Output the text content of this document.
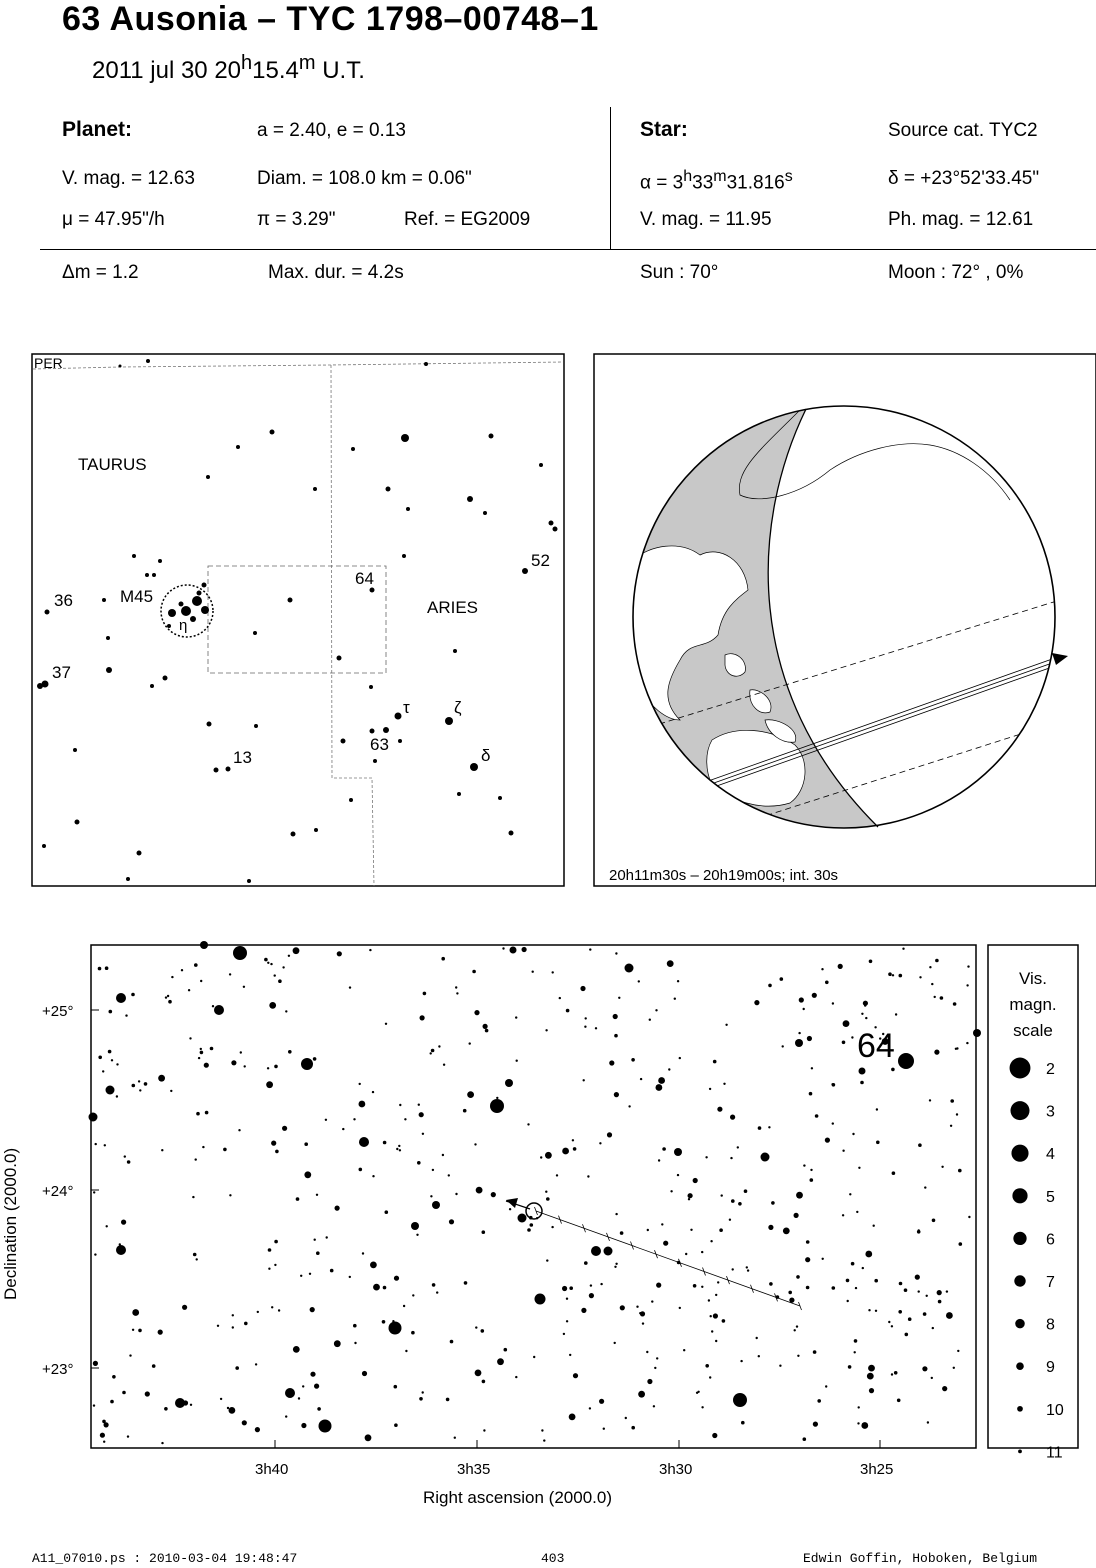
63 Ausonia – TYC 1798–00748–1
2011 jul 30 20$^h$15.4$^m$ U.T.
Planet:	a = 2.40, e = 0.13
V. mag. = 12.63	Diam. = 108.0 km = 0.06"
μ = 47.95"/h	π = 3.29"	Ref. = EG2009
Star:	Source cat. TYC2
$\alpha = 3^h33^m31.816^s$	δ = +23°52'33.45"
V. mag. = 11.95	Ph. mag. = 12.61
Δm = 1.2	Max. dur. = 4.2s	Sun : 70°	Moon : 72° , 0%
PER
TAURUS
ARIES
M45
36
37
13
64
63
52
η
τ	ζ
δ
20h11m30s – 20h19m00s; int. 30s
64
+25°
+24°
+23°
3h40	3h35	3h30	3h25
Right ascension (2000.0)
Declination (2000.0)
Vis.
magn.
scale
2
3
4
5
6
7
8
9
10
11
A11_07010.ps : 2010-03-04 19:48:47	403	Edwin Goffin, Hoboken, Belgium
